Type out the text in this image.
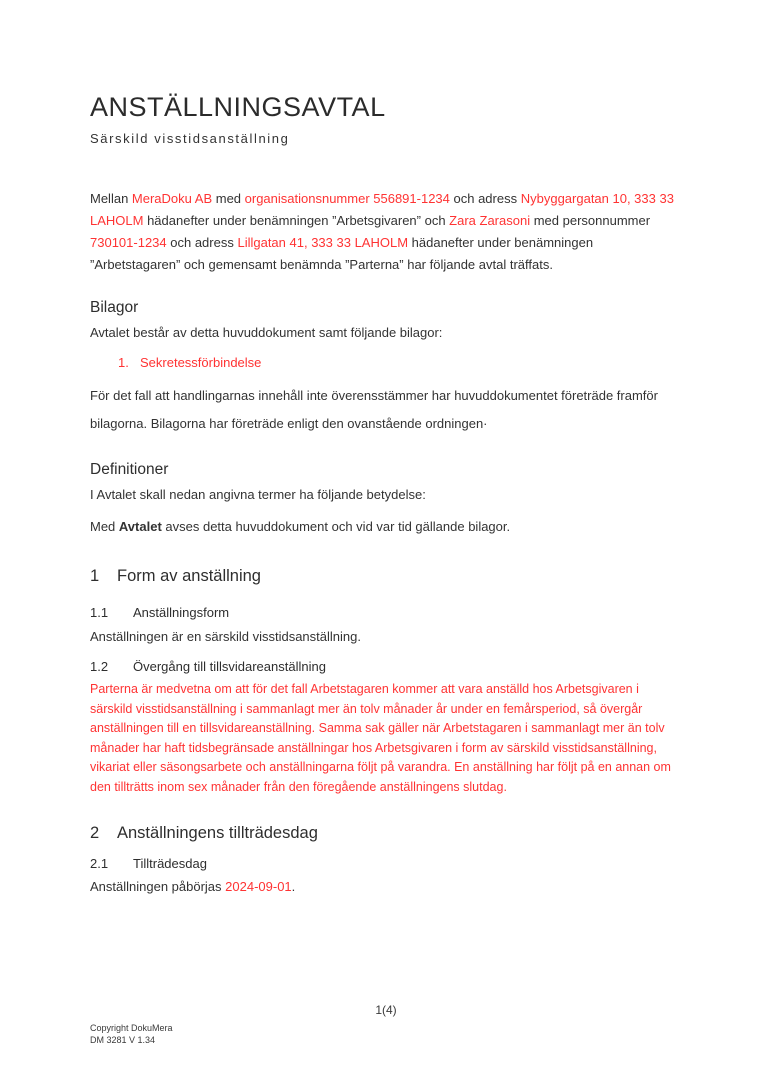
ANSTÄLLNINGSAVTAL
Särskild visstidsanställning

Mellan MeraDoku AB med organisationsnummer 556891-1234 och adress Nybyggargatan 10, 333 33 LAHOLM hädanefter under benämningen ”Arbetsgivaren” och Zara Zarasoni med personnummer 730101-1234 och adress Lillgatan 41, 333 33 LAHOLM hädanefter under benämningen ”Arbetstagaren” och gemensamt benämnda ”Parterna” har följande avtal träffats.

Bilagor

Avtalet består av detta huvuddokument samt följande bilagor:

1. Sekretessförbindelse

För det fall att handlingarnas innehåll inte överensstämmer har huvuddokumentet företräde framför bilagorna. Bilagorna har företräde enligt den ovanstående ordningen·

Definitioner

I Avtalet skall nedan angivna termer ha följande betydelse:

Med Avtalet avses detta huvuddokument och vid var tid gällande bilagor.

1 Form av anställning
1.1 Anställningsform

Anställningen är en särskild visstidsanställning.

1.2 Övergång till tillsvidareanställning

Parterna är medvetna om att för det fall Arbetstagaren kommer att vara anställd hos Arbetsgivaren i särskild visstidsanställning i sammanlagt mer än tolv månader år under en femårsperiod, så övergår anställningen till en tillsvidareanställning. Samma sak gäller när Arbetstagaren i sammanlagt mer än tolv månader har haft tidsbegränsade anställningar hos Arbetsgivaren i form av särskild visstidsanställning, vikariat eller säsongsarbete och anställningarna följt på varandra. En anställning har följt på en annan om den tillträtts inom sex månader från den föregående anställningens slutdag.

2 Anställningens tillträdesdag
2.1 Tillträdesdag

Anställningen påbörjas 2024-09-01.

1(4)
Copyright DokuMera
DM 3281 V 1.34
